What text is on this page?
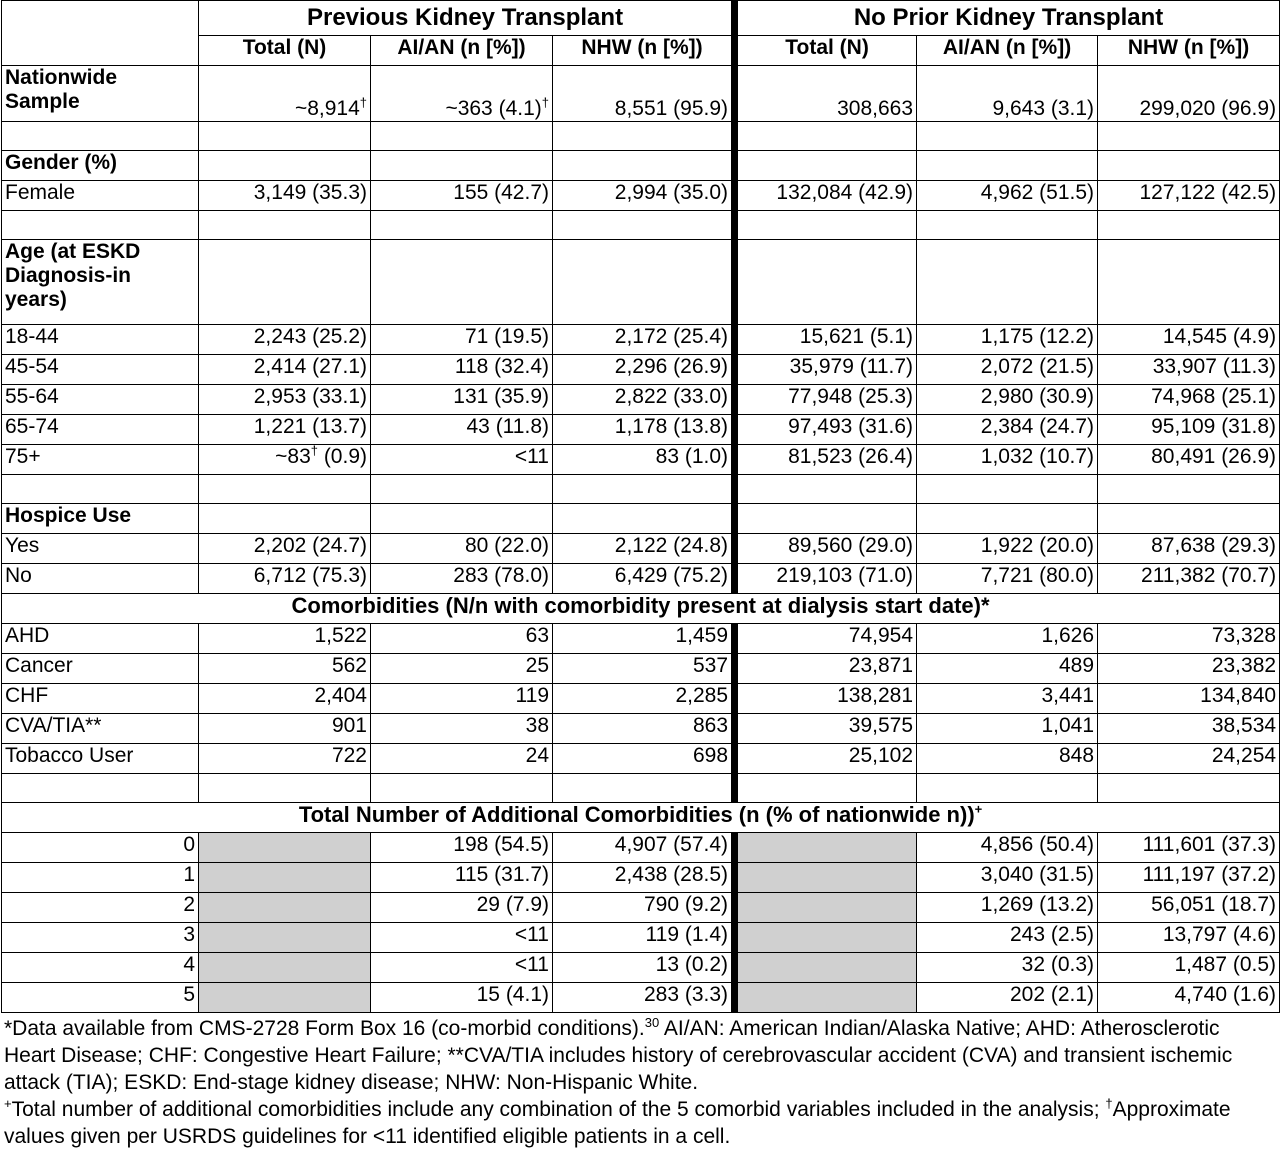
	Previous Kidney Transplant			No Prior Kidney Transplant		
	Total (N)	AI/AN (n [%])	NHW (n [%])	Total (N)	AI/AN (n [%])	NHW (n [%])
Nationwide Sample	~8,914†	~363 (4.1)†	8,551 (95.9)	308,663	9,643 (3.1)	299,020 (96.9)

Gender (%)						
Female	3,149 (35.3)	155 (42.7)	2,994 (35.0)	132,084 (42.9)	4,962 (51.5)	127,122 (42.5)

Age (at ESKD Diagnosis-in years)						
18-44	2,243 (25.2)	71 (19.5)	2,172 (25.4)	15,621 (5.1)	1,175 (12.2)	14,545 (4.9)
45-54	2,414 (27.1)	118 (32.4)	2,296 (26.9)	35,979 (11.7)	2,072 (21.5)	33,907 (11.3)
55-64	2,953 (33.1)	131 (35.9)	2,822 (33.0)	77,948 (25.3)	2,980 (30.9)	74,968 (25.1)
65-74	1,221 (13.7)	43 (11.8)	1,178 (13.8)	97,493 (31.6)	2,384 (24.7)	95,109 (31.8)
75+	~83† (0.9)	<11	83 (1.0)	81,523 (26.4)	1,032 (10.7)	80,491 (26.9)

Hospice Use						
Yes	2,202 (24.7)	80 (22.0)	2,122 (24.8)	89,560 (29.0)	1,922 (20.0)	87,638 (29.3)
No	6,712 (75.3)	283 (78.0)	6,429 (75.2)	219,103 (71.0)	7,721 (80.0)	211,382 (70.7)
Comorbidities (N/n with comorbidity present at dialysis start date)*						
AHD	1,522	63	1,459	74,954	1,626	73,328
Cancer	562	25	537	23,871	489	23,382
CHF	2,404	119	2,285	138,281	3,441	134,840
CVA/TIA**	901	38	863	39,575	1,041	38,534
Tobacco User	722	24	698	25,102	848	24,254

Total Number of Additional Comorbidities (n (% of nationwide n))+
0		198 (54.5)	4,907 (57.4)		4,856 (50.4)	111,601 (37.3)
1		115 (31.7)	2,438 (28.5)		3,040 (31.5)	111,197 (37.2)
2		29 (7.9)	790 (9.2)		1,269 (13.2)	56,051 (18.7)
3		<11	119 (1.4)		243 (2.5)	13,797 (4.6)
4		<11	13 (0.2)		32 (0.3)	1,487 (0.5)
5		15 (4.1)	283 (3.3)		202 (2.1)	4,740 (1.6)
*Data available from CMS-2728 Form Box 16 (co-morbid conditions).$^{30}$ AI/AN: American Indian/Alaska Native; AHD: Atherosclerotic Heart Disease; CHF: Congestive Heart Failure; **CVA/TIA includes history of cerebrovascular accident (CVA) and transient ischemic attack (TIA); ESKD: End-stage kidney disease; NHW: Non-Hispanic White.
+Total number of additional comorbidities include any combination of the 5 comorbid variables included in the analysis; †Approximate values given per USRDS guidelines for <11 identified eligible patients in a cell.
